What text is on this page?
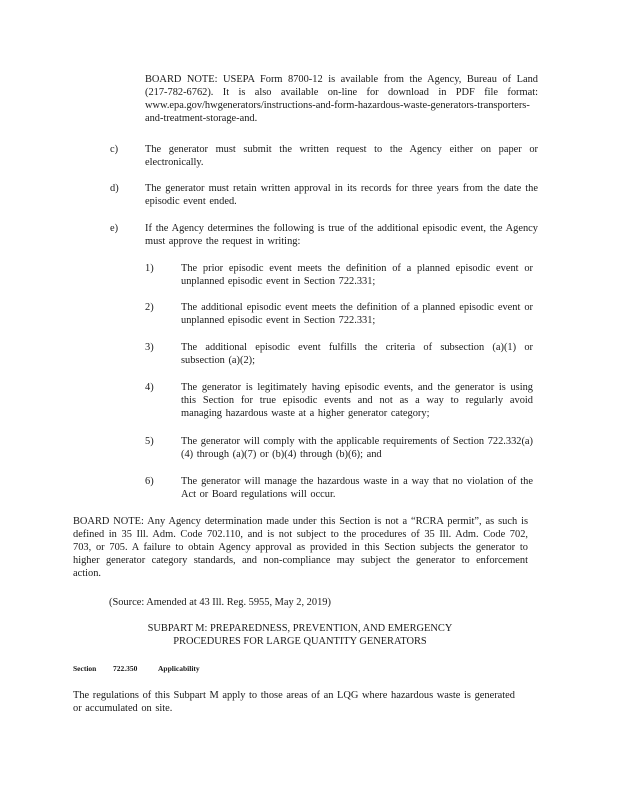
BOARD NOTE: USEPA Form 8700-12 is available from the Agency, Bureau of Land (217-782-6762). It is also available on-line for download in PDF file format: www.epa.gov/hwgenerators/instructions-and-form-hazardous-waste-generators-transporters-and-treatment-storage-and.
c)	The generator must submit the written request to the Agency either on paper or electronically.
d)	The generator must retain written approval in its records for three years from the date the episodic event ended.
e)	If the Agency determines the following is true of the additional episodic event, the Agency must approve the request in writing:
1)	The prior episodic event meets the definition of a planned episodic event or unplanned episodic event in Section 722.331;
2)	The additional episodic event meets the definition of a planned episodic event or unplanned episodic event in Section 722.331;
3)	The additional episodic event fulfills the criteria of subsection (a)(1) or subsection (a)(2);
4)	The generator is legitimately having episodic events, and the generator is using this Section for true episodic events and not as a way to regularly avoid managing hazardous waste at a higher generator category;
5)	The generator will comply with the applicable requirements of Section 722.332(a)(4) through (a)(7) or (b)(4) through (b)(6); and
6)	The generator will manage the hazardous waste in a way that no violation of the Act or Board regulations will occur.
BOARD NOTE: Any Agency determination made under this Section is not a “RCRA permit”, as such is defined in 35 Ill. Adm. Code 702.110, and is not subject to the procedures of 35 Ill. Adm. Code 702, 703, or 705. A failure to obtain Agency approval as provided in this Section subjects the generator to higher generator category standards, and non-compliance may subject the generator to enforcement action.
(Source: Amended at 43 Ill. Reg. 5955, May 2, 2019)
SUBPART M: PREPAREDNESS, PREVENTION, AND EMERGENCY
PROCEDURES FOR LARGE QUANTITY GENERATORS
Section 722.350	Applicability
The regulations of this Subpart M apply to those areas of an LQG where hazardous waste is generated or accumulated on site.
